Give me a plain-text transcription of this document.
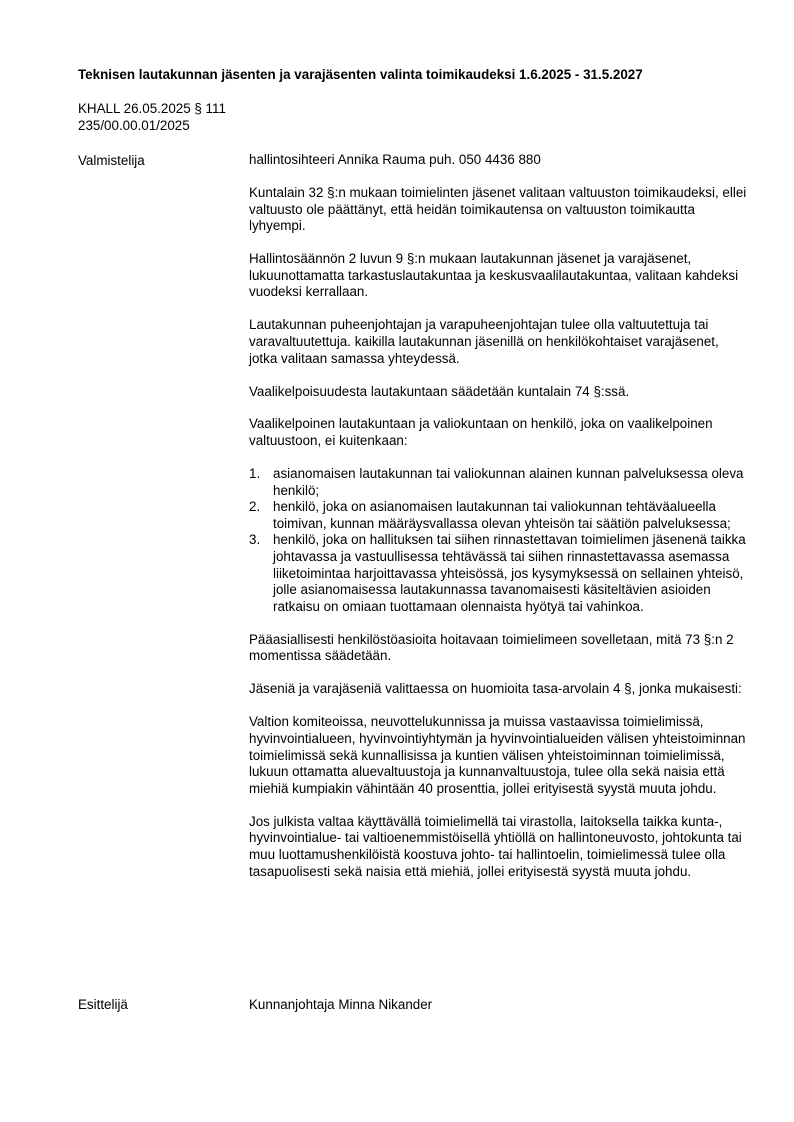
Teknisen lautakunnan jäsenten ja varajäsenten valinta toimikaudeksi 1.6.2025 - 31.5.2027
KHALL 26.05.2025 § 111
235/00.00.01/2025
Valmistelija	hallintosihteeri Annika Rauma puh. 050 4436 880

Kuntalain 32 §:n mukaan toimielinten jäsenet valitaan valtuuston toimikaudeksi, ellei valtuusto ole päättänyt, että heidän toimikautensa on valtuuston toimikautta lyhyempi.

Hallintosäännön 2 luvun 9 §:n mukaan lautakunnan jäsenet ja varajäsenet, lukuunottamatta tarkastuslautakuntaa ja keskusvaalilautakuntaa, valitaan kahdeksi vuodeksi kerrallaan.

Lautakunnan puheenjohtajan ja varapuheenjohtajan tulee olla valtuutettuja tai varavaltuutettuja. kaikilla lautakunnan jäsenillä on henkilökohtaiset varajäsenet, jotka valitaan samassa yhteydessä.

Vaalikelpoisuudesta lautakuntaan säädetään kuntalain 74 §:ssä.

Vaalikelpoinen lautakuntaan ja valiokuntaan on henkilö, joka on vaalikelpoinen valtuustoon, ei kuitenkaan:

1. asianomaisen lautakunnan tai valiokunnan alainen kunnan palveluksessa oleva henkilö;
2. henkilö, joka on asianomaisen lautakunnan tai valiokunnan tehtäväalueella toimivan, kunnan määräysvallassa olevan yhteisön tai säätiön palveluksessa;
3. henkilö, joka on hallituksen tai siihen rinnastettavan toimielimen jäsenenä taikka johtavassa ja vastuullisessa tehtävässä tai siihen rinnastettavassa asemassa liiketoimintaa harjoittavassa yhteisössä, jos kysymyksessä on sellainen yhteisö, jolle asianomaisessa lautakunnassa tavanomaisesti käsiteltävien asioiden ratkaisu on omiaan tuottamaan olennaista hyötyä tai vahinkoa.

Pääasiallisesti henkilöstöasioita hoitavaan toimielimeen sovelletaan, mitä 73 §:n 2 momentissa säädetään.

Jäseniä ja varajäseniä valittaessa on huomioita tasa-arvolain 4 §, jonka mukaisesti:

Valtion komiteoissa, neuvottelukunnissa ja muissa vastaavissa toimielimissä, hyvinvointialueen, hyvinvointiyhtymän ja hyvinvointialueiden välisen yhteistoiminnan toimielimissä sekä kunnallisissa ja kuntien välisen yhteistoiminnan toimielimissä, lukuun ottamatta aluevaltuustoja ja kunnanvaltuustoja, tulee olla sekä naisia että miehiä kumpiakin vähintään 40 prosenttia, jollei erityisestä syystä muuta johdu.

Jos julkista valtaa käyttävällä toimielimellä tai virastolla, laitoksella taikka kunta-, hyvinvointialue- tai valtioenemmistöisellä yhtiöllä on hallintoneuvosto, johtokunta tai muu luottamushenkilöistä koostuva johto- tai hallintoelin, toimielimessä tulee olla tasapuolisesti sekä naisia että miehiä, jollei erityisestä syystä muuta johdu.

Esittelijä	Kunnanjohtaja Minna Nikander
